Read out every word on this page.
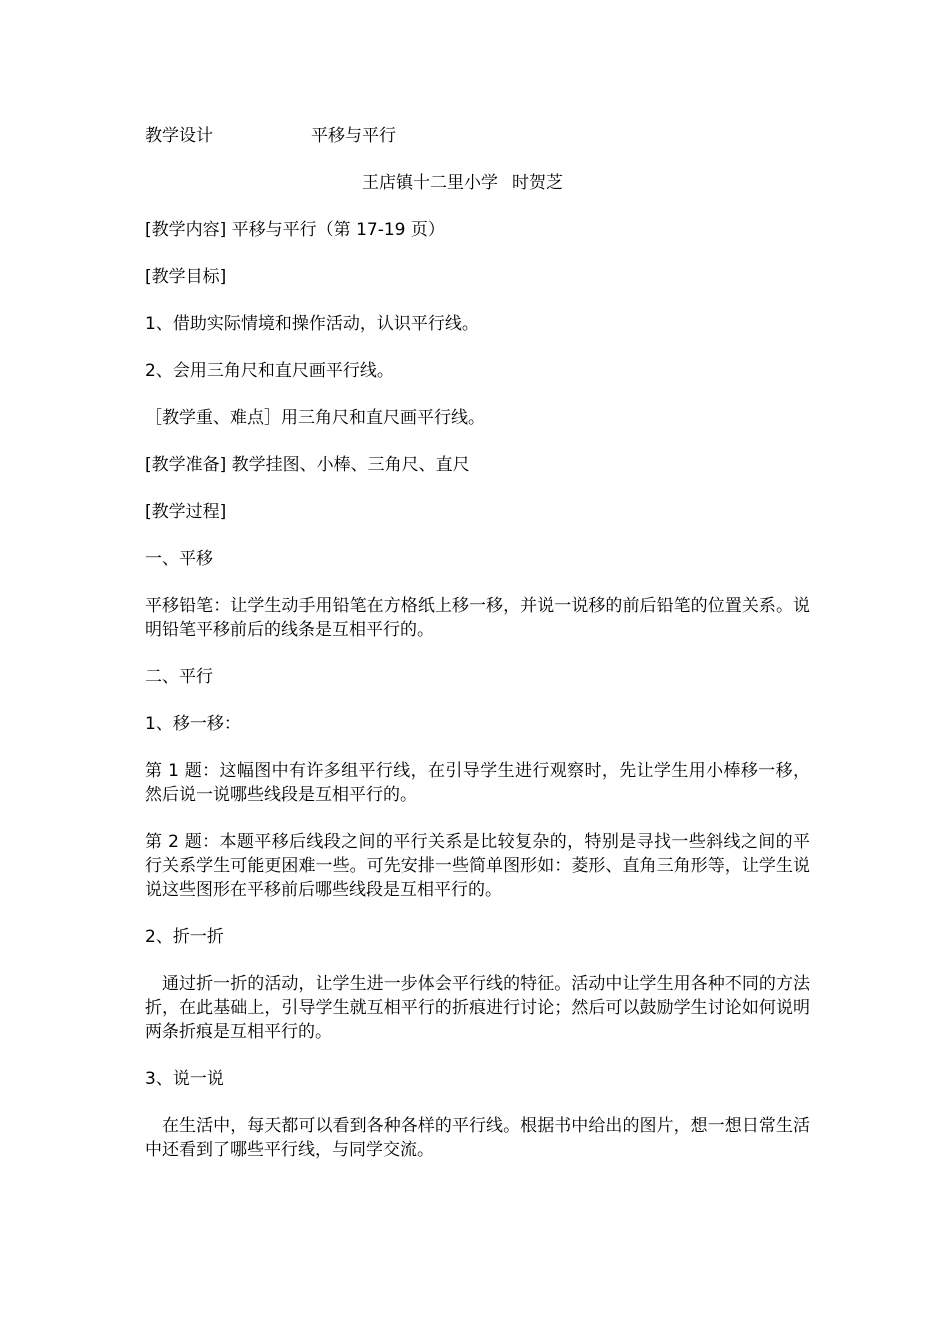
教学设计	平移与平行
王店镇十二里小学 时贺芝

[教学内容] 平移与平行（第 17-19 页）

[教学目标]

1、借助实际情境和操作活动，认识平行线。

2、会用三角尺和直尺画平行线。

［教学重、难点］用三角尺和直尺画平行线。

[教学准备] 教学挂图、小棒、三角尺、直尺

[教学过程]

一、平移

平移铅笔：让学生动手用铅笔在方格纸上移一移，并说一说移的前后铅笔的位置关系。说明铅笔平移前后的线条是互相平行的。

二、平行

1、移一移：

第 1 题：这幅图中有许多组平行线，在引导学生进行观察时，先让学生用小棒移一移，然后说一说哪些线段是互相平行的。

第 2 题：本题平移后线段之间的平行关系是比较复杂的，特别是寻找一些斜线之间的平行关系学生可能更困难一些。可先安排一些简单图形如：菱形、直角三角形等，让学生说说这些图形在平移前后哪些线段是互相平行的。

2、折一折

通过折一折的活动，让学生进一步体会平行线的特征。活动中让学生用各种不同的方法折，在此基础上，引导学生就互相平行的折痕进行讨论；然后可以鼓励学生讨论如何说明两条折痕是互相平行的。

3、说一说

在生活中，每天都可以看到各种各样的平行线。根据书中给出的图片，想一想日常生活中还看到了哪些平行线，与同学交流。
